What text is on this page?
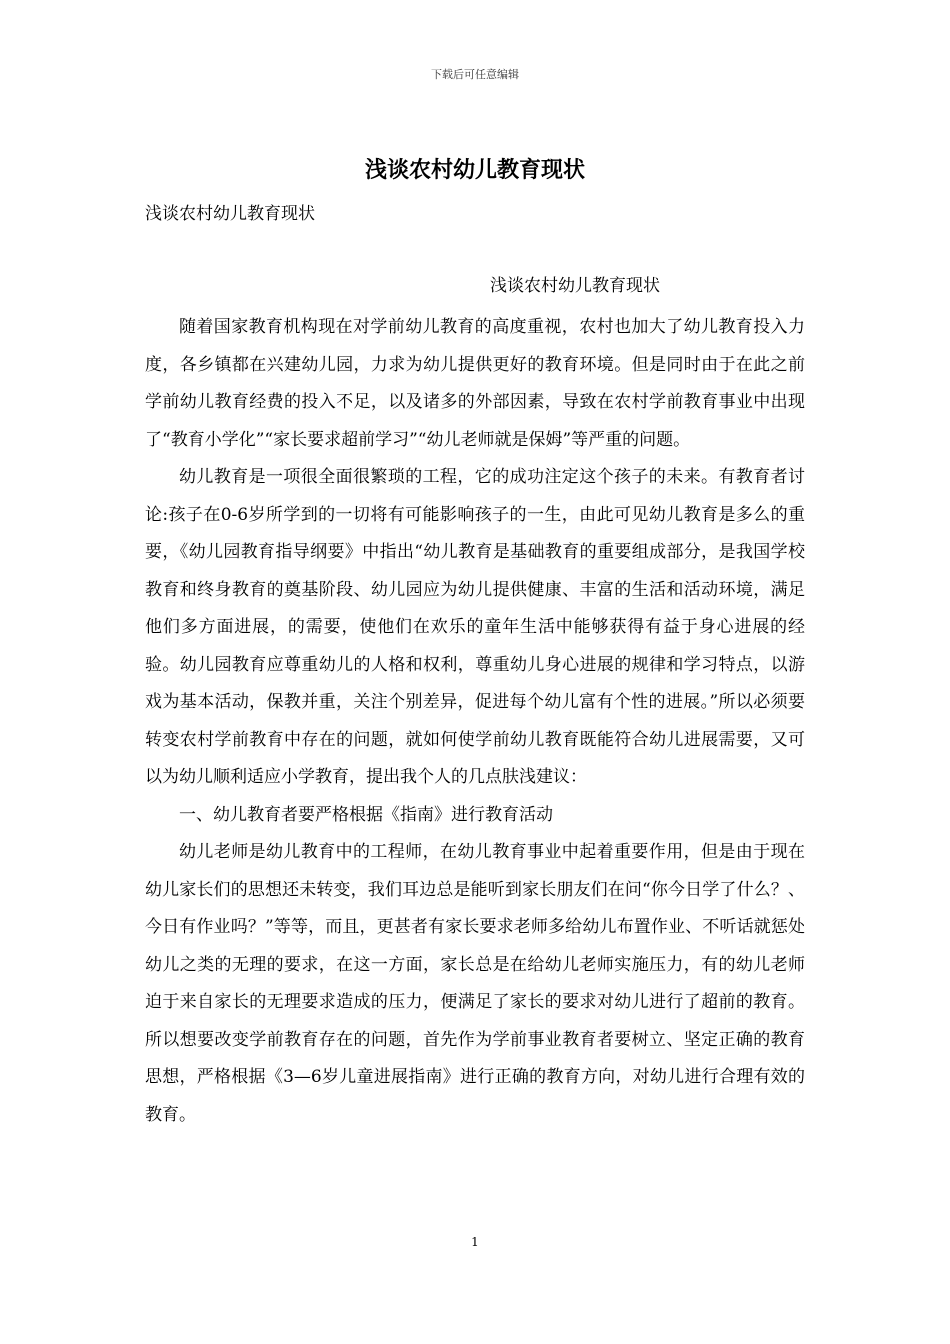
下载后可任意编辑
浅谈农村幼儿教育现状
浅谈农村幼儿教育现状
浅谈农村幼儿教育现状

随着国家教育机构现在对学前幼儿教育的高度重视，农村也加大了幼儿教育投入力度，各乡镇都在兴建幼儿园，力求为幼儿提供更好的教育环境。但是同时由于在此之前学前幼儿教育经费的投入不足，以及诸多的外部因素，导致在农村学前教育事业中出现了“教育小学化”“家长要求超前学习”“幼儿老师就是保姆”等严重的问题。

幼儿教育是一项很全面很繁琐的工程，它的成功注定这个孩子的未来。有教育者讨论:孩子在0-6岁所学到的一切将有可能影响孩子的一生，由此可见幼儿教育是多么的重要，《幼儿园教育指导纲要》中指出“幼儿教育是基础教育的重要组成部分，是我国学校教育和终身教育的奠基阶段、幼儿园应为幼儿提供健康、丰富的生活和活动环境，满足他们多方面进展，的需要，使他们在欢乐的童年生活中能够获得有益于身心进展的经验。幼儿园教育应尊重幼儿的人格和权利，尊重幼儿身心进展的规律和学习特点，以游戏为基本活动，保教并重，关注个别差异，促进每个幼儿富有个性的进展。”所以必须要转变农村学前教育中存在的问题，就如何使学前幼儿教育既能符合幼儿进展需要，又可以为幼儿顺利适应小学教育，提出我个人的几点肤浅建议：

一、幼儿教育者要严格根据《指南》进行教育活动

幼儿老师是幼儿教育中的工程师，在幼儿教育事业中起着重要作用，但是由于现在幼儿家长们的思想还未转变，我们耳边总是能听到家长朋友们在问“你今日学了什么？、今日有作业吗？”等等，而且，更甚者有家长要求老师多给幼儿布置作业、不听话就惩处幼儿之类的无理的要求，在这一方面，家长总是在给幼儿老师实施压力，有的幼儿老师迫于来自家长的无理要求造成的压力，便满足了家长的要求对幼儿进行了超前的教育。所以想要改变学前教育存在的问题，首先作为学前事业教育者要树立、坚定正确的教育思想，严格根据《3—6岁儿童进展指南》进行正确的教育方向，对幼儿进行合理有效的教育。

1
